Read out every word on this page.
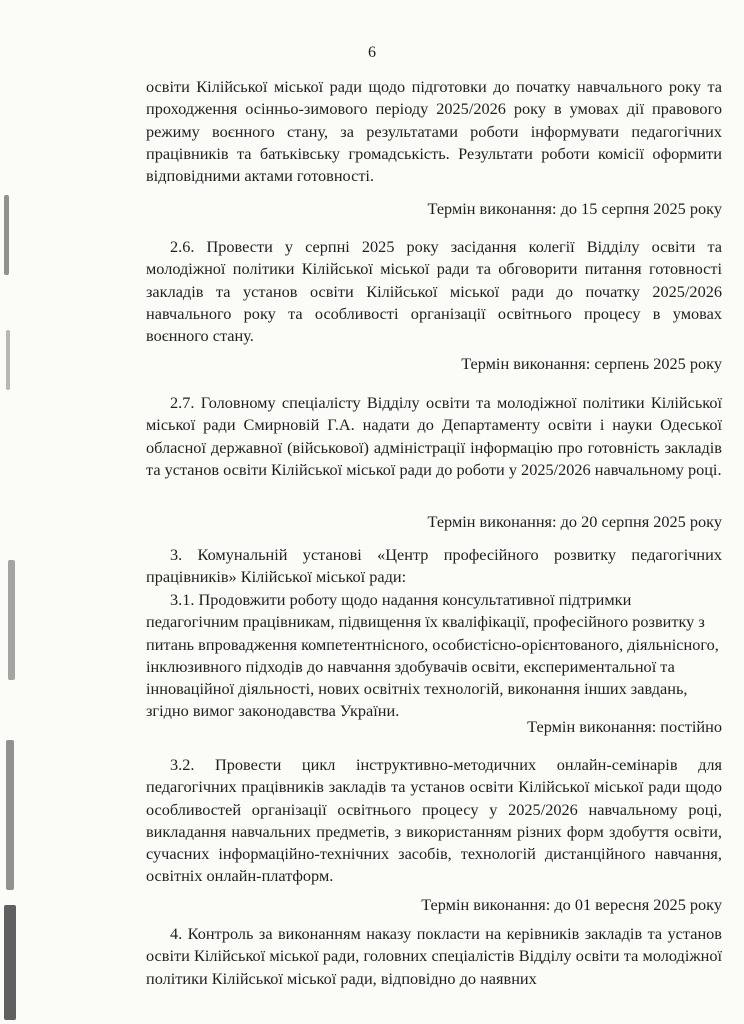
6

освіти Кілійської міської ради щодо підготовки до початку навчального року та проходження осінньо-зимового періоду 2025/2026 року в умовах дії правового режиму воєнного стану, за результатами роботи інформувати педагогічних працівників та батьківську громадськість. Результати роботи комісії оформити відповідними актами готовності.

Термін виконання: до 15 серпня 2025 року

2.6. Провести у серпні 2025 року засідання колегії Відділу освіти та молодіжної політики Кілійської міської ради та обговорити питання готовності закладів та установ освіти Кілійської міської ради до початку 2025/2026 навчального року та особливості організації освітнього процесу в умовах воєнного стану.

Термін виконання: серпень 2025 року

2.7. Головному спеціалісту Відділу освіти та молодіжної політики Кілійської міської ради Смирновій Г.А. надати до Департаменту освіти і науки Одеської обласної державної (військової) адміністрації інформацію про готовність закладів та установ освіти Кілійської міської ради до роботи у 2025/2026 навчальному році.

Термін виконання: до 20 серпня 2025 року

3. Комунальній установі «Центр професійного розвитку педагогічних працівників» Кілійської міської ради:

3.1. Продовжити роботу щодо надання консультативної підтримки педагогічним працівникам, підвищення їх кваліфікації, професійного розвитку з питань впровадження компетентнісного, особистісно-орієнтованого, діяльнісного, інклюзивного підходів до навчання здобувачів освіти, експериментальної та інноваційної діяльності, нових освітніх технологій, виконання інших завдань, згідно вимог законодавства України.

Термін виконання: постійно

3.2. Провести цикл інструктивно-методичних онлайн-семінарів для педагогічних працівників закладів та установ освіти Кілійської міської ради щодо особливостей організації освітнього процесу у 2025/2026 навчальному році, викладання навчальних предметів, з використанням різних форм здобуття освіти, сучасних інформаційно-технічних засобів, технологій дистанційного навчання, освітніх онлайн-платформ.

Термін виконання: до 01 вересня 2025 року

4. Контроль за виконанням наказу покласти на керівників закладів та установ освіти Кілійської міської ради, головних спеціалістів Відділу освіти та молодіжної політики Кілійської міської ради, відповідно до наявних
